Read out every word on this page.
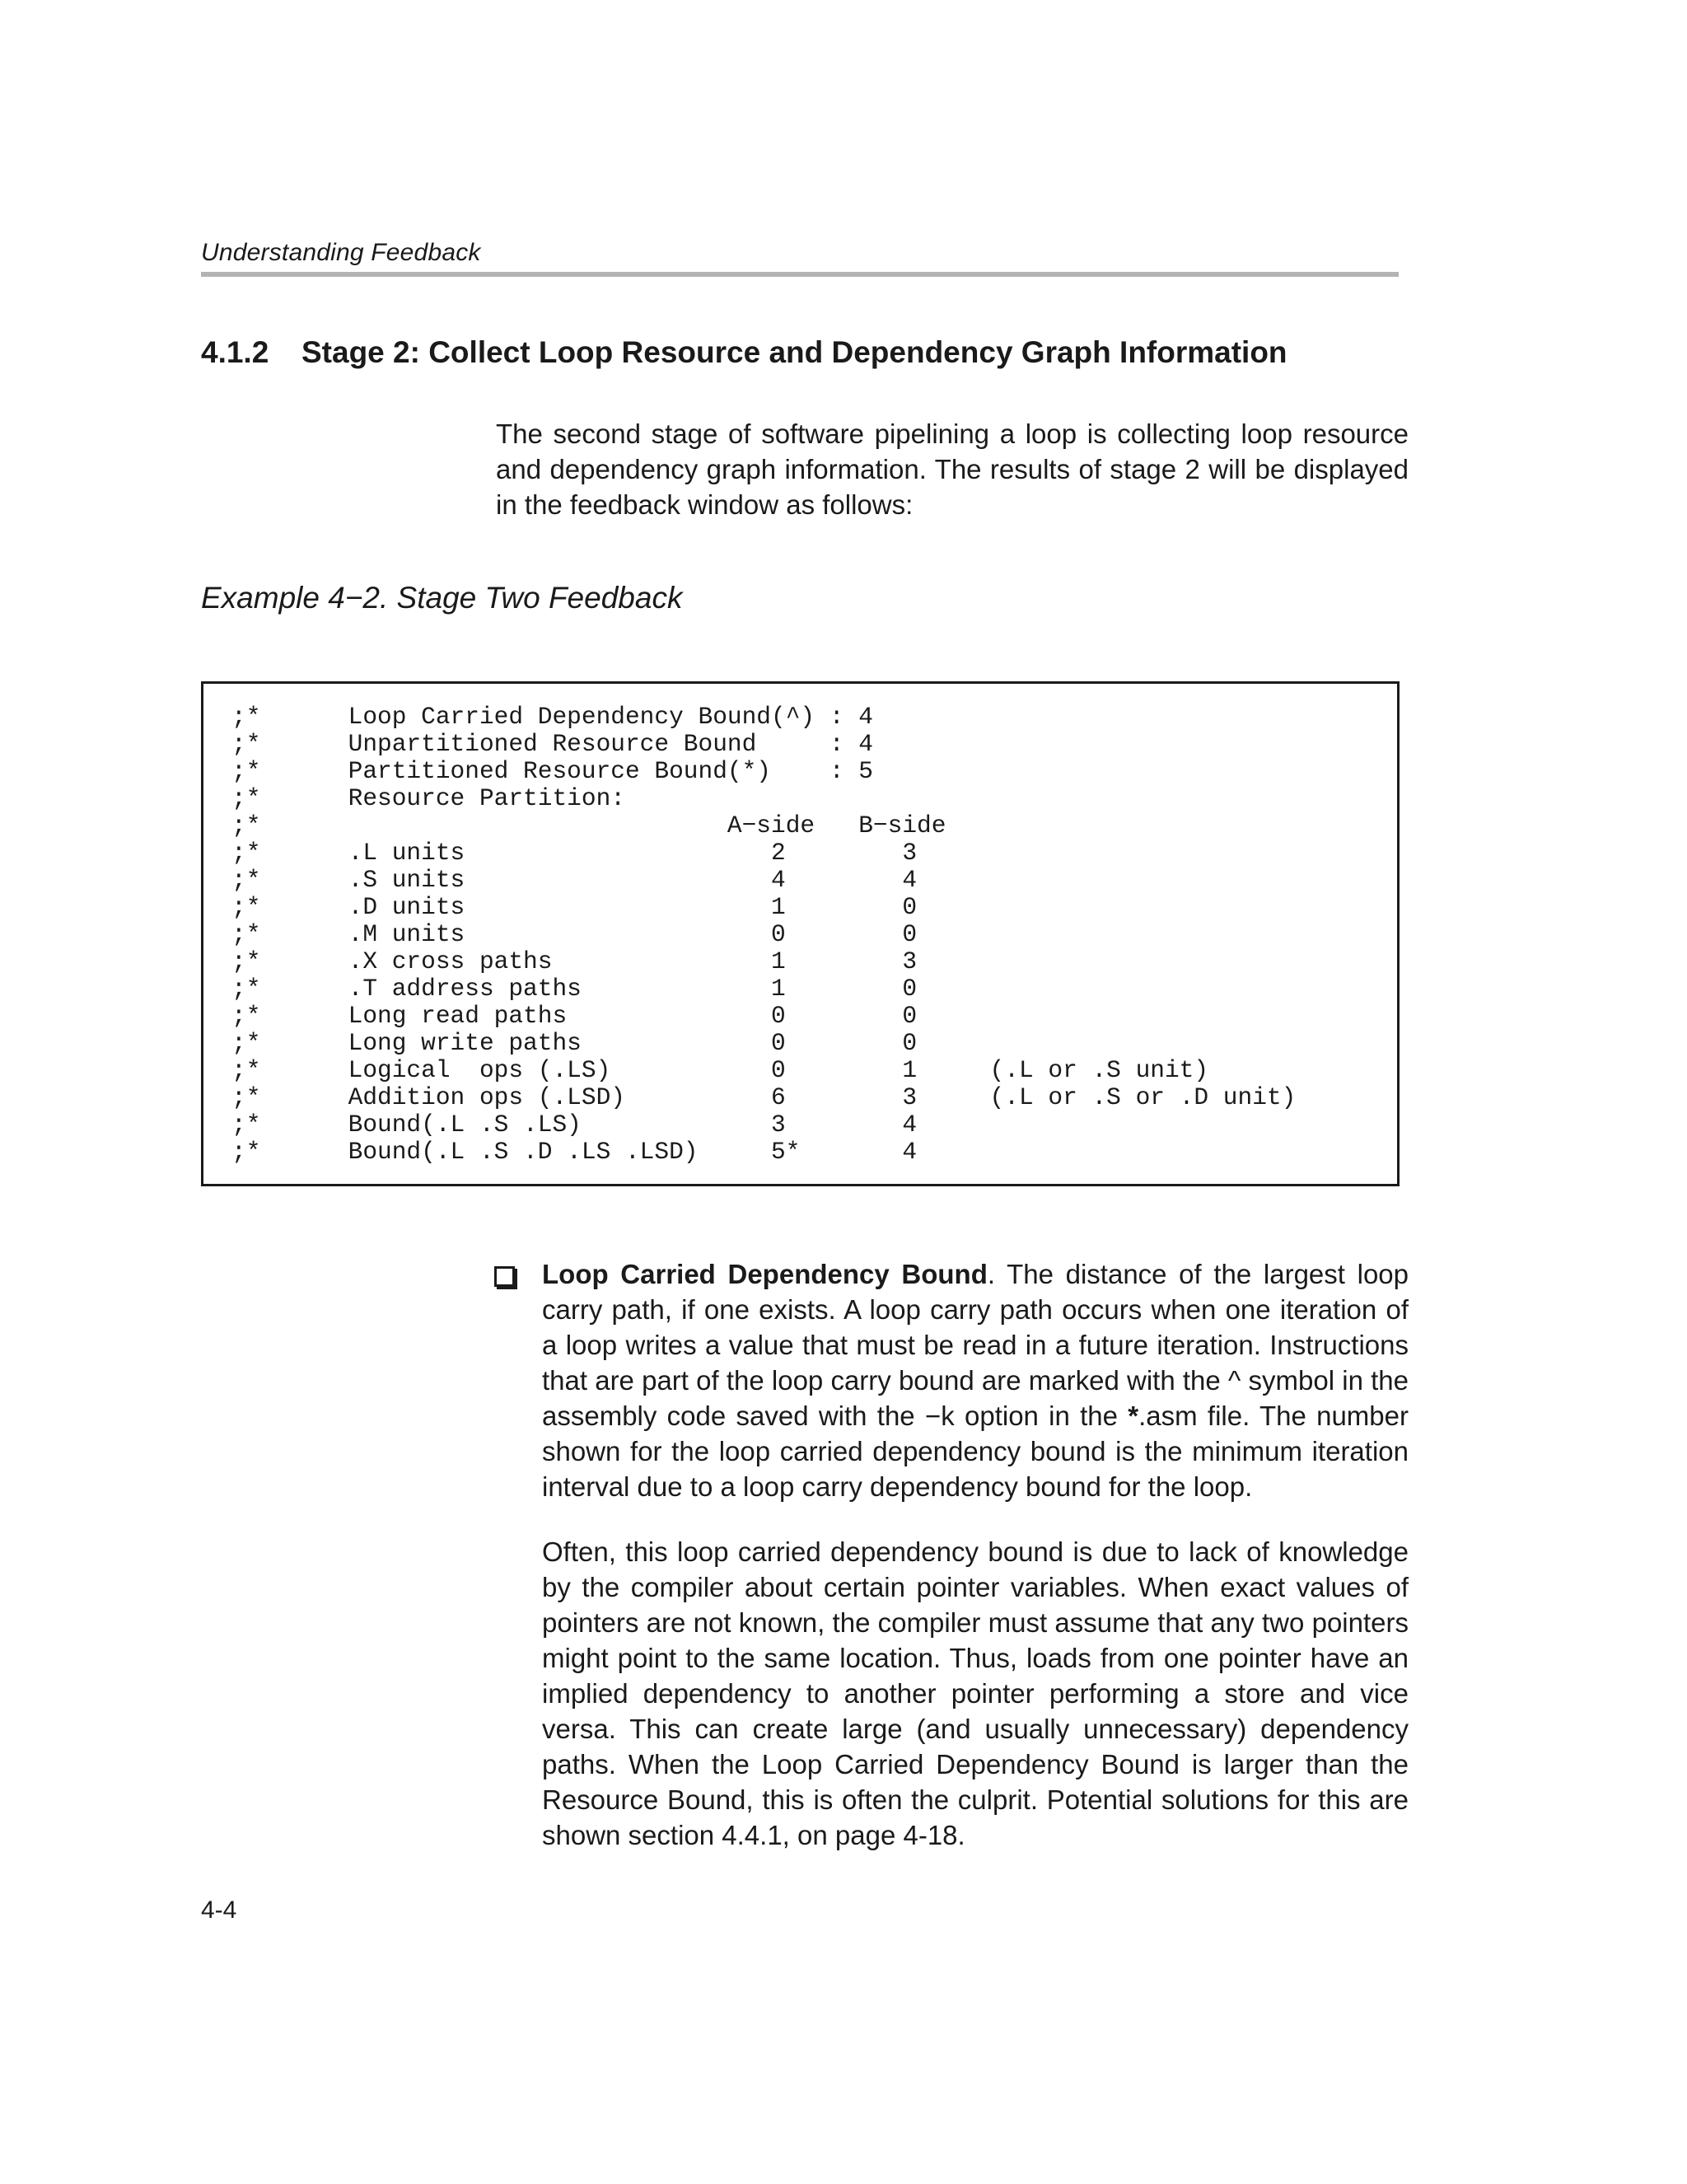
Understanding Feedback
4.1.2 Stage 2: Collect Loop Resource and Dependency Graph Information

The second stage of software pipelining a loop is collecting loop resource and dependency graph information. The results of stage 2 will be displayed in the feedback window as follows:

Example 4−2. Stage Two Feedback
;*      Loop Carried Dependency Bound(^) : 4
;*      Unpartitioned Resource Bound     : 4
;*      Partitioned Resource Bound(*)    : 5
;*      Resource Partition:
;*                                A−side   B−side
;*      .L units                     2        3
;*      .S units                     4        4
;*      .D units                     1        0
;*      .M units                     0        0
;*      .X cross paths               1        3
;*      .T address paths             1        0
;*      Long read paths              0        0
;*      Long write paths             0        0
;*      Logical  ops (.LS)           0        1     (.L or .S unit)
;*      Addition ops (.LSD)          6        3     (.L or .S or .D unit)
;*      Bound(.L .S .LS)             3        4
;*      Bound(.L .S .D .LS .LSD)     5*       4

Loop Carried Dependency Bound. The distance of the largest loop carry path, if one exists. A loop carry path occurs when one iteration of a loop writes a value that must be read in a future iteration. Instructions that are part of the loop carry bound are marked with the ^ symbol in the assembly code saved with the −k option in the *.asm file. The number shown for the loop carried dependency bound is the minimum iteration interval due to a loop carry dependency bound for the loop.

Often, this loop carried dependency bound is due to lack of knowledge by the compiler about certain pointer variables. When exact values of pointers are not known, the compiler must assume that any two pointers might point to the same location. Thus, loads from one pointer have an implied dependency to another pointer performing a store and vice versa. This can create large (and usually unnecessary) dependency paths. When the Loop Carried Dependency Bound is larger than the Resource Bound, this is often the culprit. Potential solutions for this are shown section 4.4.1, on page 4-18.

4-4
